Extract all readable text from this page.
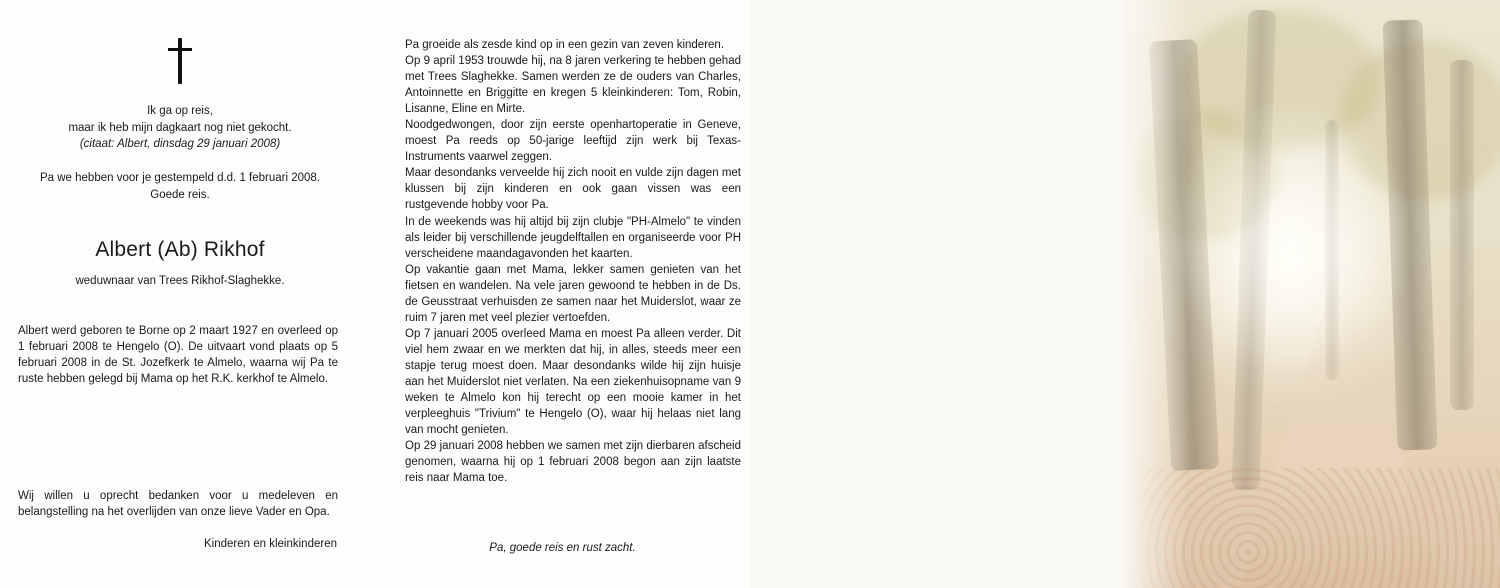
Ik ga op reis,
maar ik heb mijn dagkaart nog niet gekocht.
(citaat: Albert, dinsdag 29 januari 2008)
Pa we hebben voor je gestempeld d.d. 1 februari 2008.
Goede reis.
Albert (Ab) Rikhof
weduwnaar van Trees Rikhof-Slaghekke.
Albert werd geboren te Borne op 2 maart 1927 en overleed op 1 februari 2008 te Hengelo (O). De uitvaart vond plaats op 5 februari 2008 in de St. Jozefkerk te Almelo, waarna wij Pa te ruste hebben gelegd bij Mama op het R.K. kerkhof te Almelo.
Wij willen u oprecht bedanken voor u medeleven en belangstelling na het overlijden van onze lieve Vader en Opa.
Kinderen en kleinkinderen

Pa groeide als zesde kind op in een gezin van zeven kinderen.

Op 9 april 1953 trouwde hij, na 8 jaren verkering te hebben gehad met Trees Slaghekke. Samen werden ze de ouders van Charles, Antoinnette en Briggitte en kregen 5 kleinkinderen: Tom, Robin, Lisanne, Eline en Mirte.

Noodgedwongen, door zijn eerste openhartoperatie in Geneve, moest Pa reeds op 50-jarige leeftijd zijn werk bij Texas-Instruments vaarwel zeggen.

Maar desondanks verveelde hij zich nooit en vulde zijn dagen met klussen bij zijn kinderen en ook gaan vissen was een rustgevende hobby voor Pa.

In de weekends was hij altijd bij zijn clubje "PH-Almelo" te vinden als leider bij verschillende jeugdelftallen en organiseerde voor PH verscheidene maandagavonden het kaarten.

Op vakantie gaan met Mama, lekker samen genieten van het fietsen en wandelen. Na vele jaren gewoond te hebben in de Ds. de Geusstraat verhuisden ze samen naar het Muiderslot, waar ze ruim 7 jaren met veel plezier vertoefden.

Op 7 januari 2005 overleed Mama en moest Pa alleen verder. Dit viel hem zwaar en we merkten dat hij, in alles, steeds meer een stapje terug moest doen. Maar desondanks wilde hij zijn huisje aan het Muiderslot niet verlaten. Na een ziekenhuisopname van 9 weken te Almelo kon hij terecht op een mooie kamer in het verpleeghuis "Trivium" te Hengelo (O), waar hij helaas niet lang van mocht genieten.

Op 29 januari 2008 hebben we samen met zijn dierbaren afscheid genomen, waarna hij op 1 februari 2008 begon aan zijn laatste reis naar Mama toe.

Pa, goede reis en rust zacht.
